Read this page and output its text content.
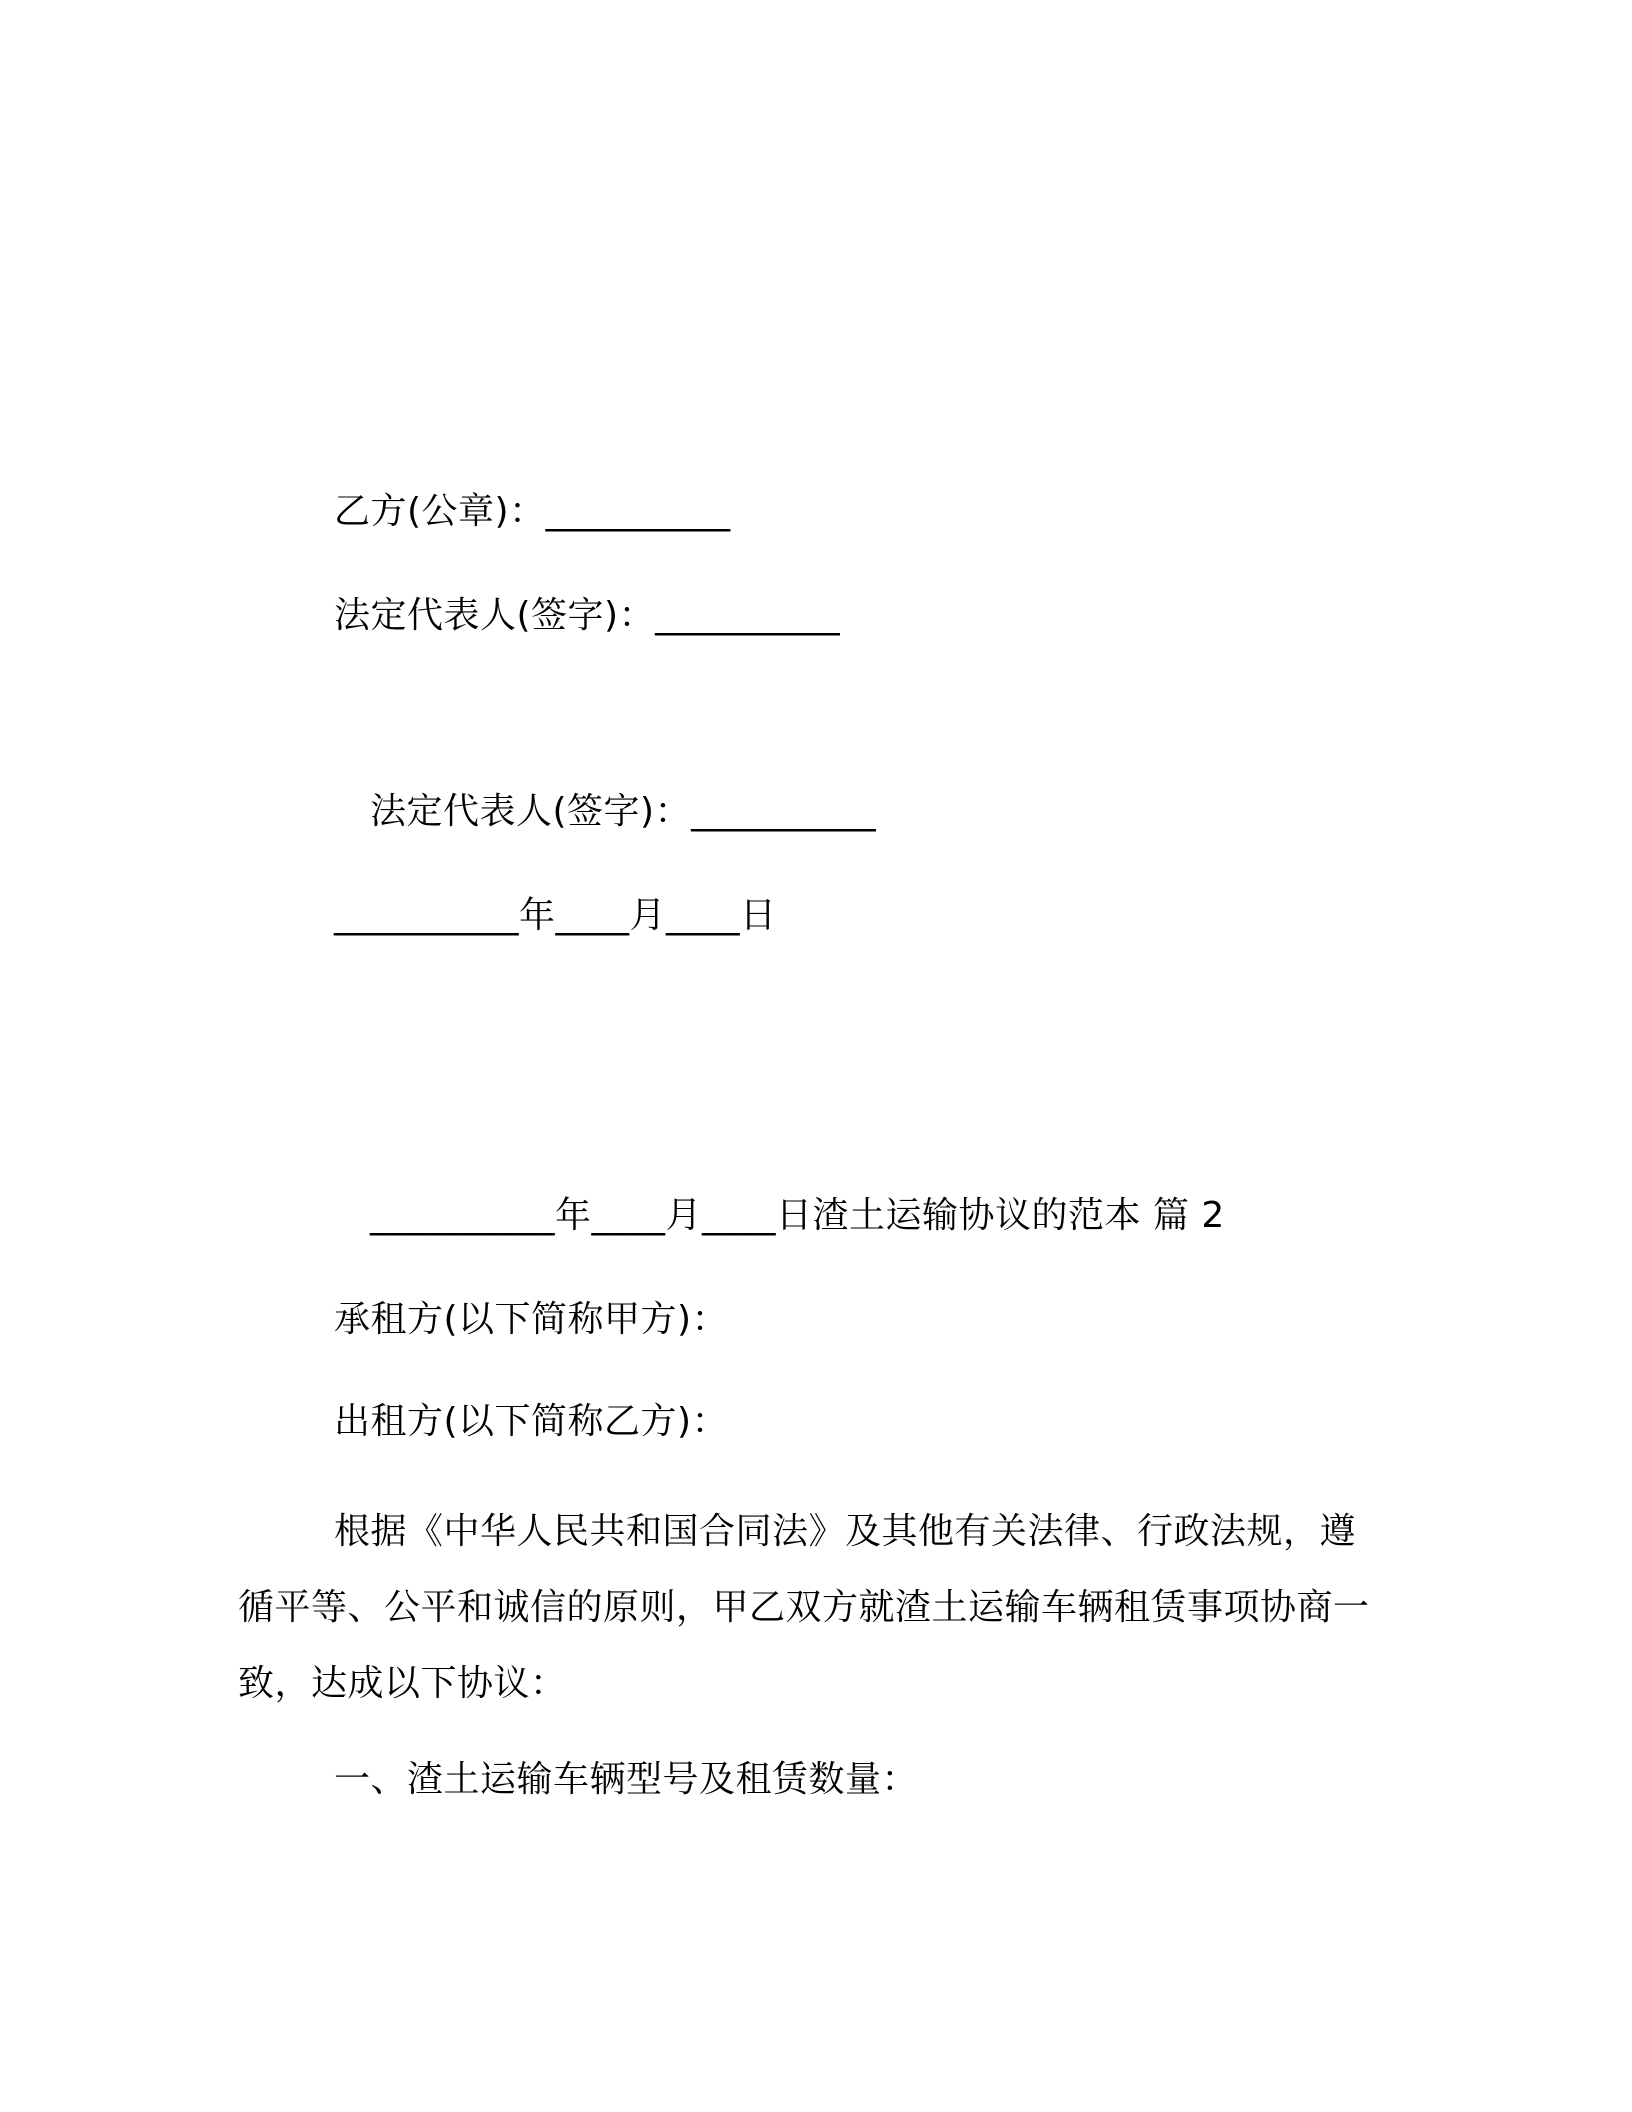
乙方(公章)：__________
法定代表人(签字)：__________
法定代表人(签字)：__________
__________年____月____日
__________年____月____日渣土运输协议的范本 篇 2
承租方(以下简称甲方)：
出租方(以下简称乙方)：

根据《中华人民共和国合同法》及其他有关法律、行政法规，遵循平等、公平和诚信的原则，甲乙双方就渣土运输车辆租赁事项协商一致，达成以下协议：

一、渣土运输车辆型号及租赁数量：
